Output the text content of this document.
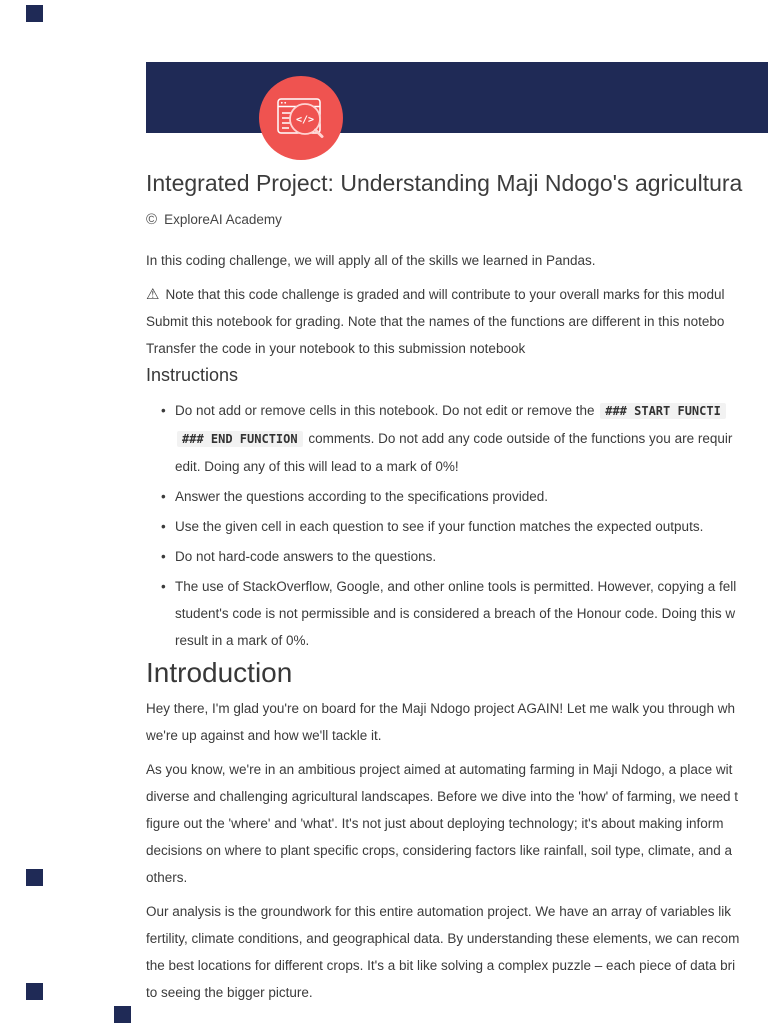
</>
Integrated Project: Understanding Maji Ndogo's agricultura
© ExploreAI Academy
In this coding challenge, we will apply all of the skills we learned in Pandas.
⚠ Note that this code challenge is graded and will contribute to your overall marks for this modul
Submit this notebook for grading. Note that the names of the functions are different in this notebo
Transfer the code in your notebook to this submission notebook
Instructions
• Do not add or remove cells in this notebook. Do not edit or remove the ### START FUNCTI
### END FUNCTION comments. Do not add any code outside of the functions you are requir
edit. Doing any of this will lead to a mark of 0%!
• Answer the questions according to the specifications provided.
• Use the given cell in each question to see if your function matches the expected outputs.
• Do not hard-code answers to the questions.
• The use of StackOverflow, Google, and other online tools is permitted. However, copying a fell
student's code is not permissible and is considered a breach of the Honour code. Doing this w
result in a mark of 0%.
Introduction
Hey there, I'm glad you're on board for the Maji Ndogo project AGAIN! Let me walk you through wh
we're up against and how we'll tackle it.
As you know, we're in an ambitious project aimed at automating farming in Maji Ndogo, a place wit
diverse and challenging agricultural landscapes. Before we dive into the 'how' of farming, we need t
figure out the 'where' and 'what'. It's not just about deploying technology; it's about making inform
decisions on where to plant specific crops, considering factors like rainfall, soil type, climate, and a
others.
Our analysis is the groundwork for this entire automation project. We have an array of variables lik
fertility, climate conditions, and geographical data. By understanding these elements, we can recom
the best locations for different crops. It's a bit like solving a complex puzzle – each piece of data bri
to seeing the bigger picture.
